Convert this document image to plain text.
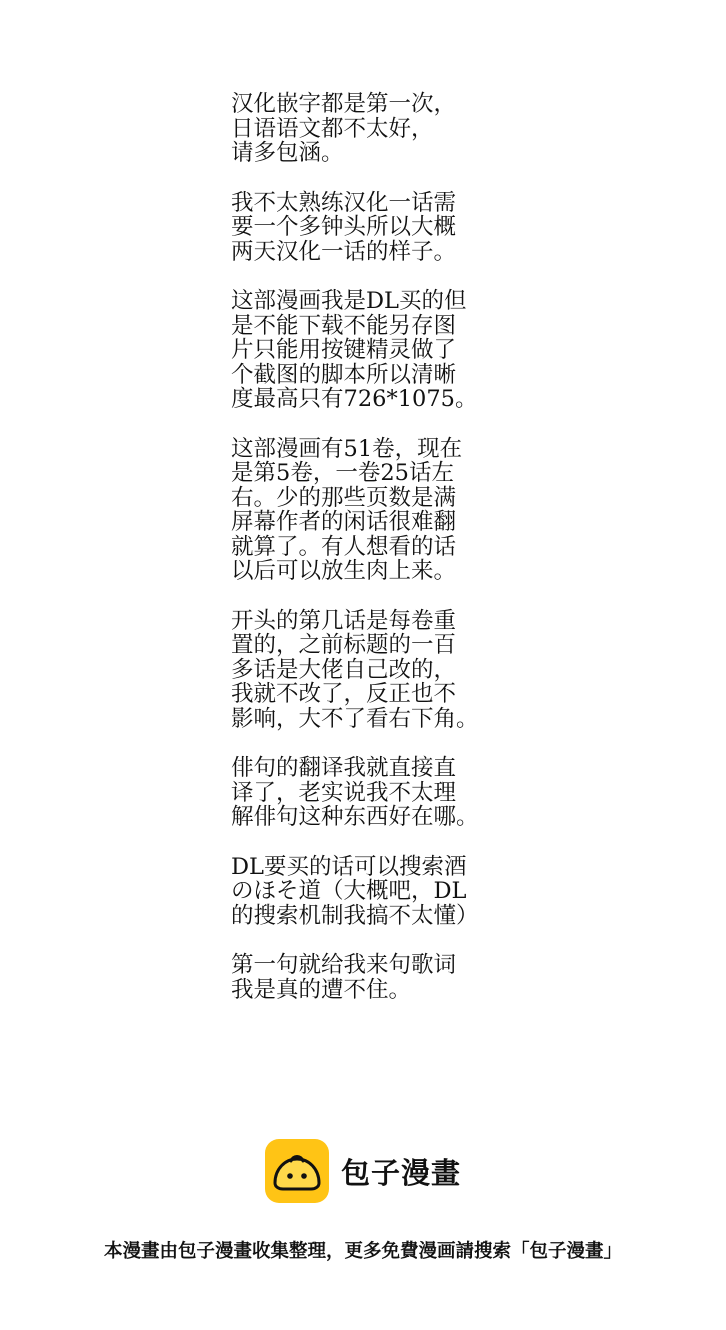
汉化嵌字都是第一次，
日语语文都不太好，
请多包涵。
我不太熟练汉化一话需
要一个多钟头所以大概
两天汉化一话的样子。
这部漫画我是DL买的但
是不能下载不能另存图
片只能用按键精灵做了
个截图的脚本所以清晰
度最高只有726*1075。
这部漫画有51卷，现在
是第5卷，一卷25话左
右。少的那些页数是满
屏幕作者的闲话很难翻
就算了。有人想看的话
以后可以放生肉上来。
开头的第几话是每卷重
置的，之前标题的一百
多话是大佬自己改的，
我就不改了，反正也不
影响，大不了看右下角。
俳句的翻译我就直接直
译了，老实说我不太理
解俳句这种东西好在哪。
DL要买的话可以搜索酒
のほそ道（大概吧，DL
的搜索机制我搞不太懂）
第一句就给我来句歌词
我是真的遭不住。
包子漫畫
本漫畫由包子漫畫收集整理，更多免費漫画請搜索「包子漫畫」
